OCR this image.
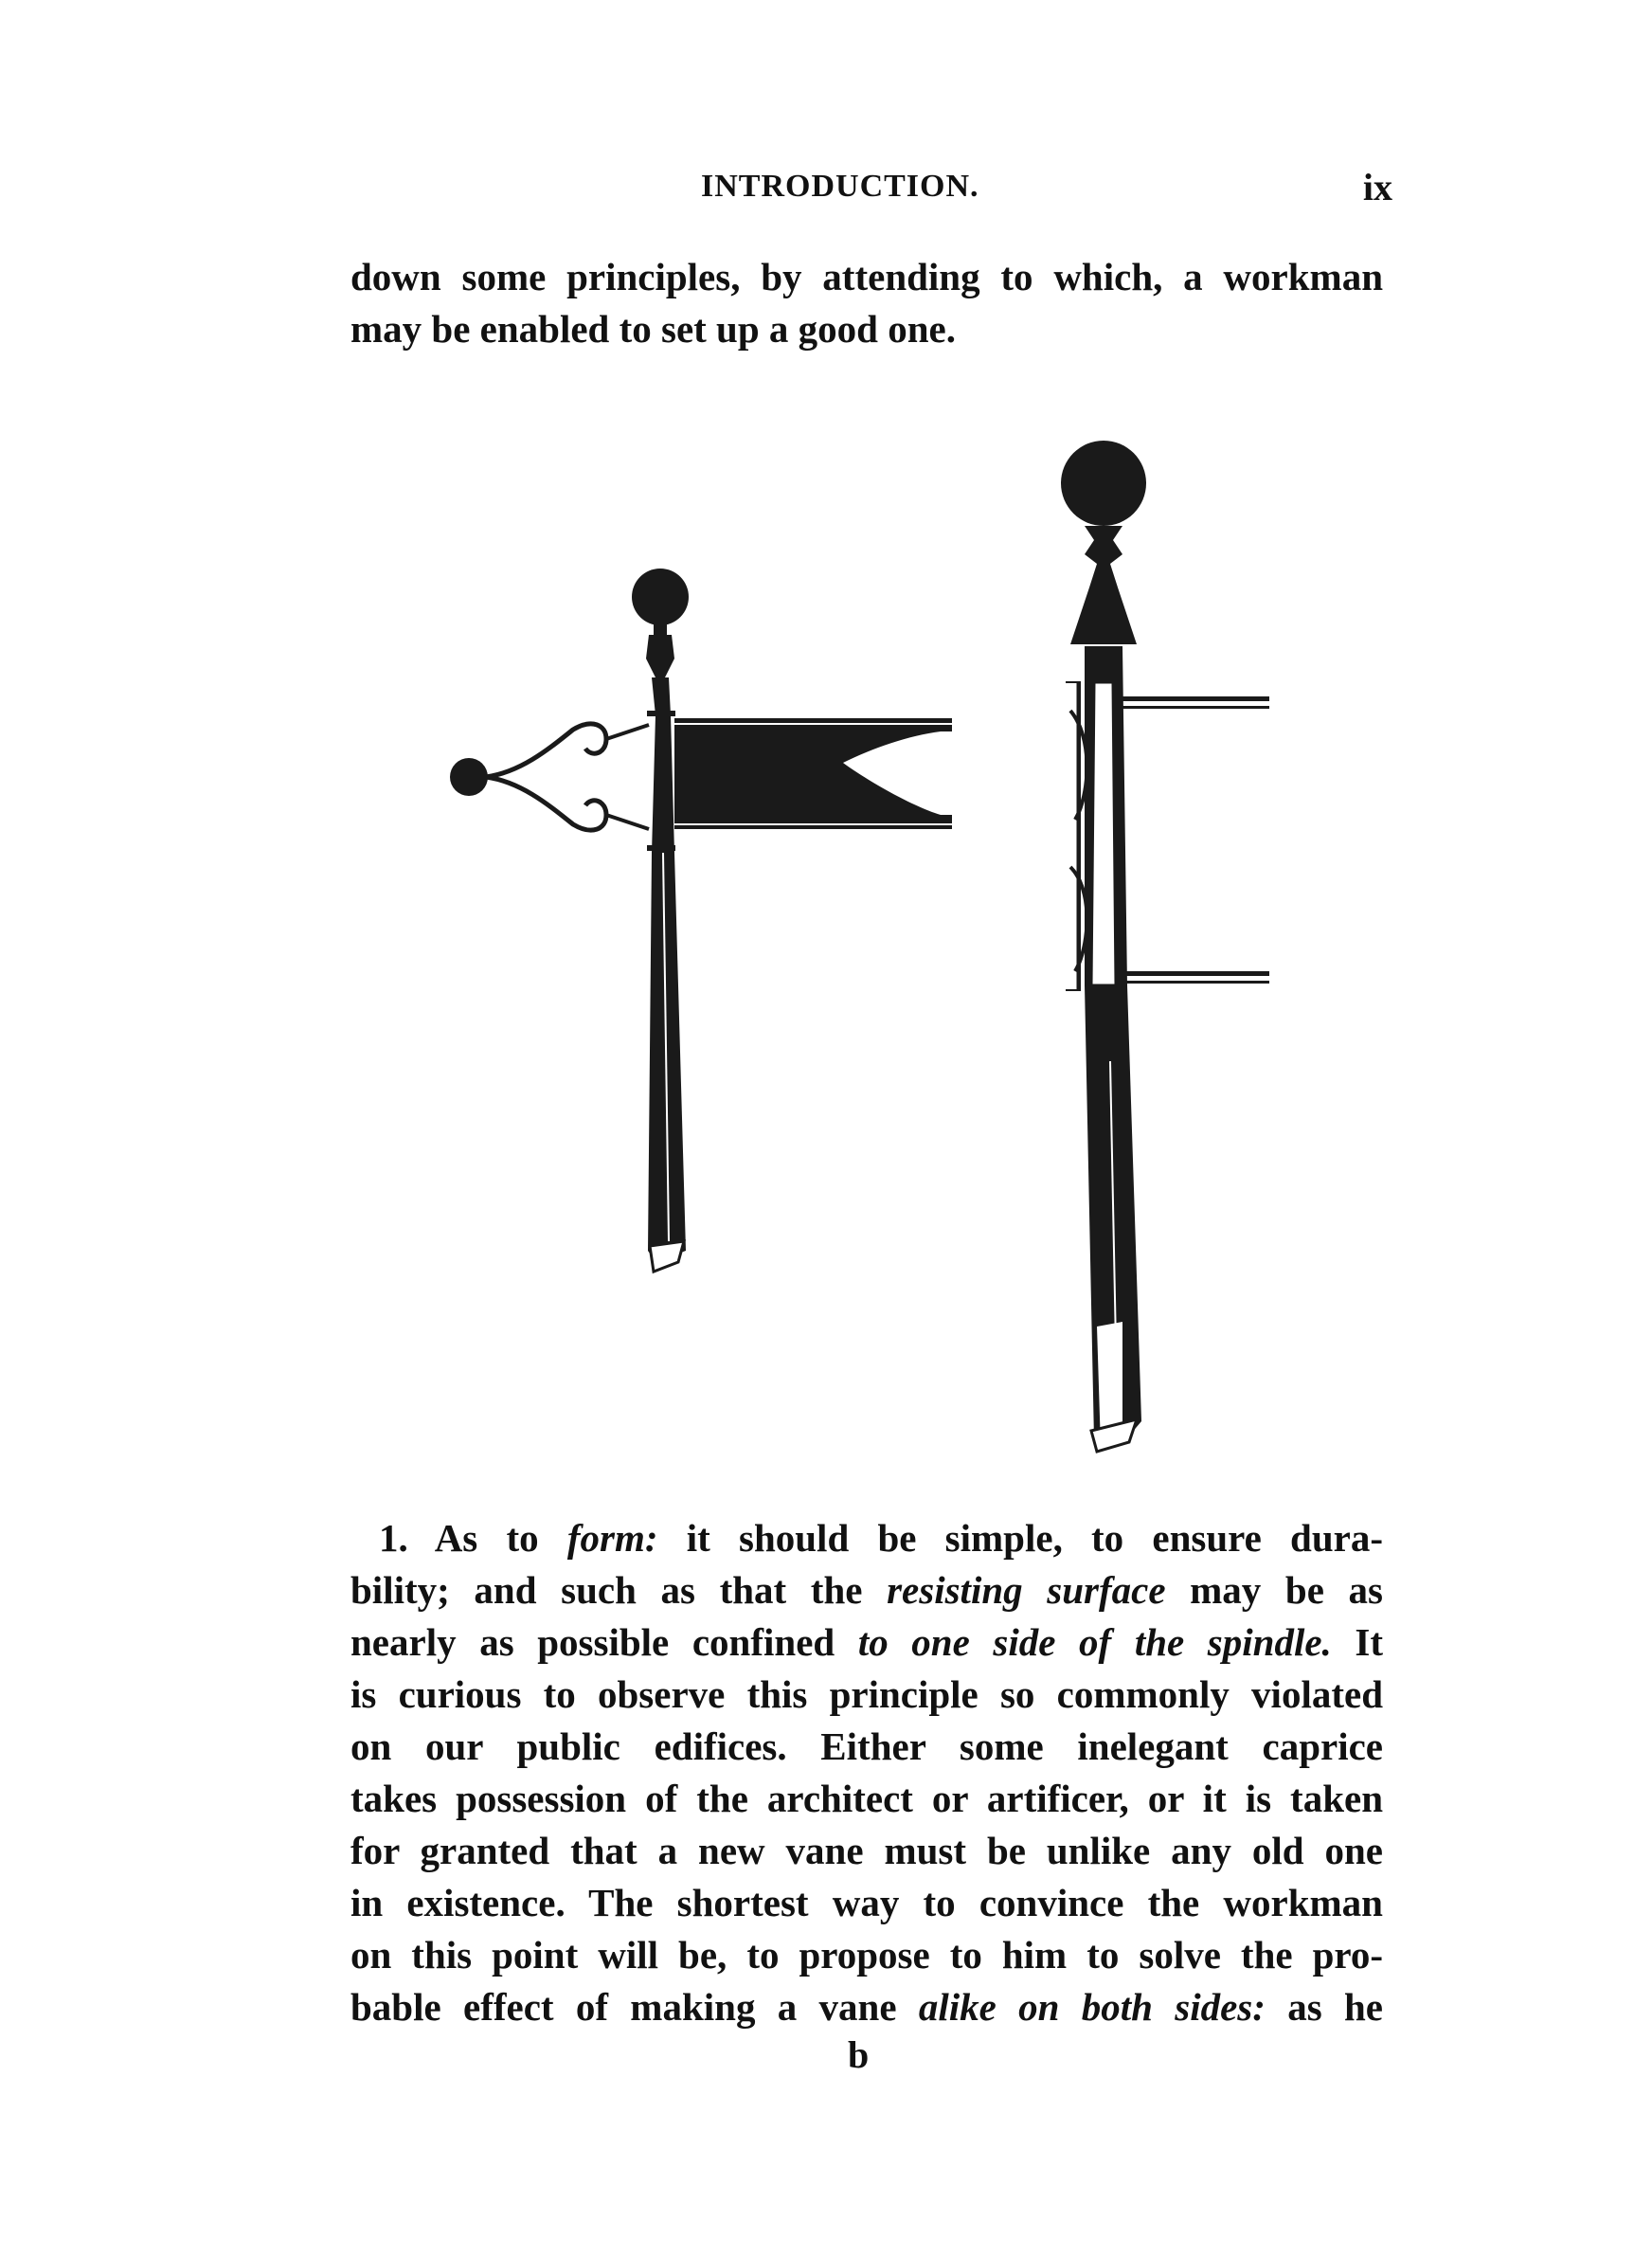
INTRODUCTION.	ix
down some principles, by attending to which, a workman
may be enabled to set up a good one.
1. As to form: it should be simple, to ensure dura-
bility; and such as that the resisting surface may be as
nearly as possible confined to one side of the spindle. It
is curious to observe this principle so commonly violated
on our public edifices. Either some inelegant caprice
takes possession of the architect or artificer, or it is taken
for granted that a new vane must be unlike any old one
in existence. The shortest way to convince the workman
on this point will be, to propose to him to solve the pro-
bable effect of making a vane alike on both sides: as he
b
